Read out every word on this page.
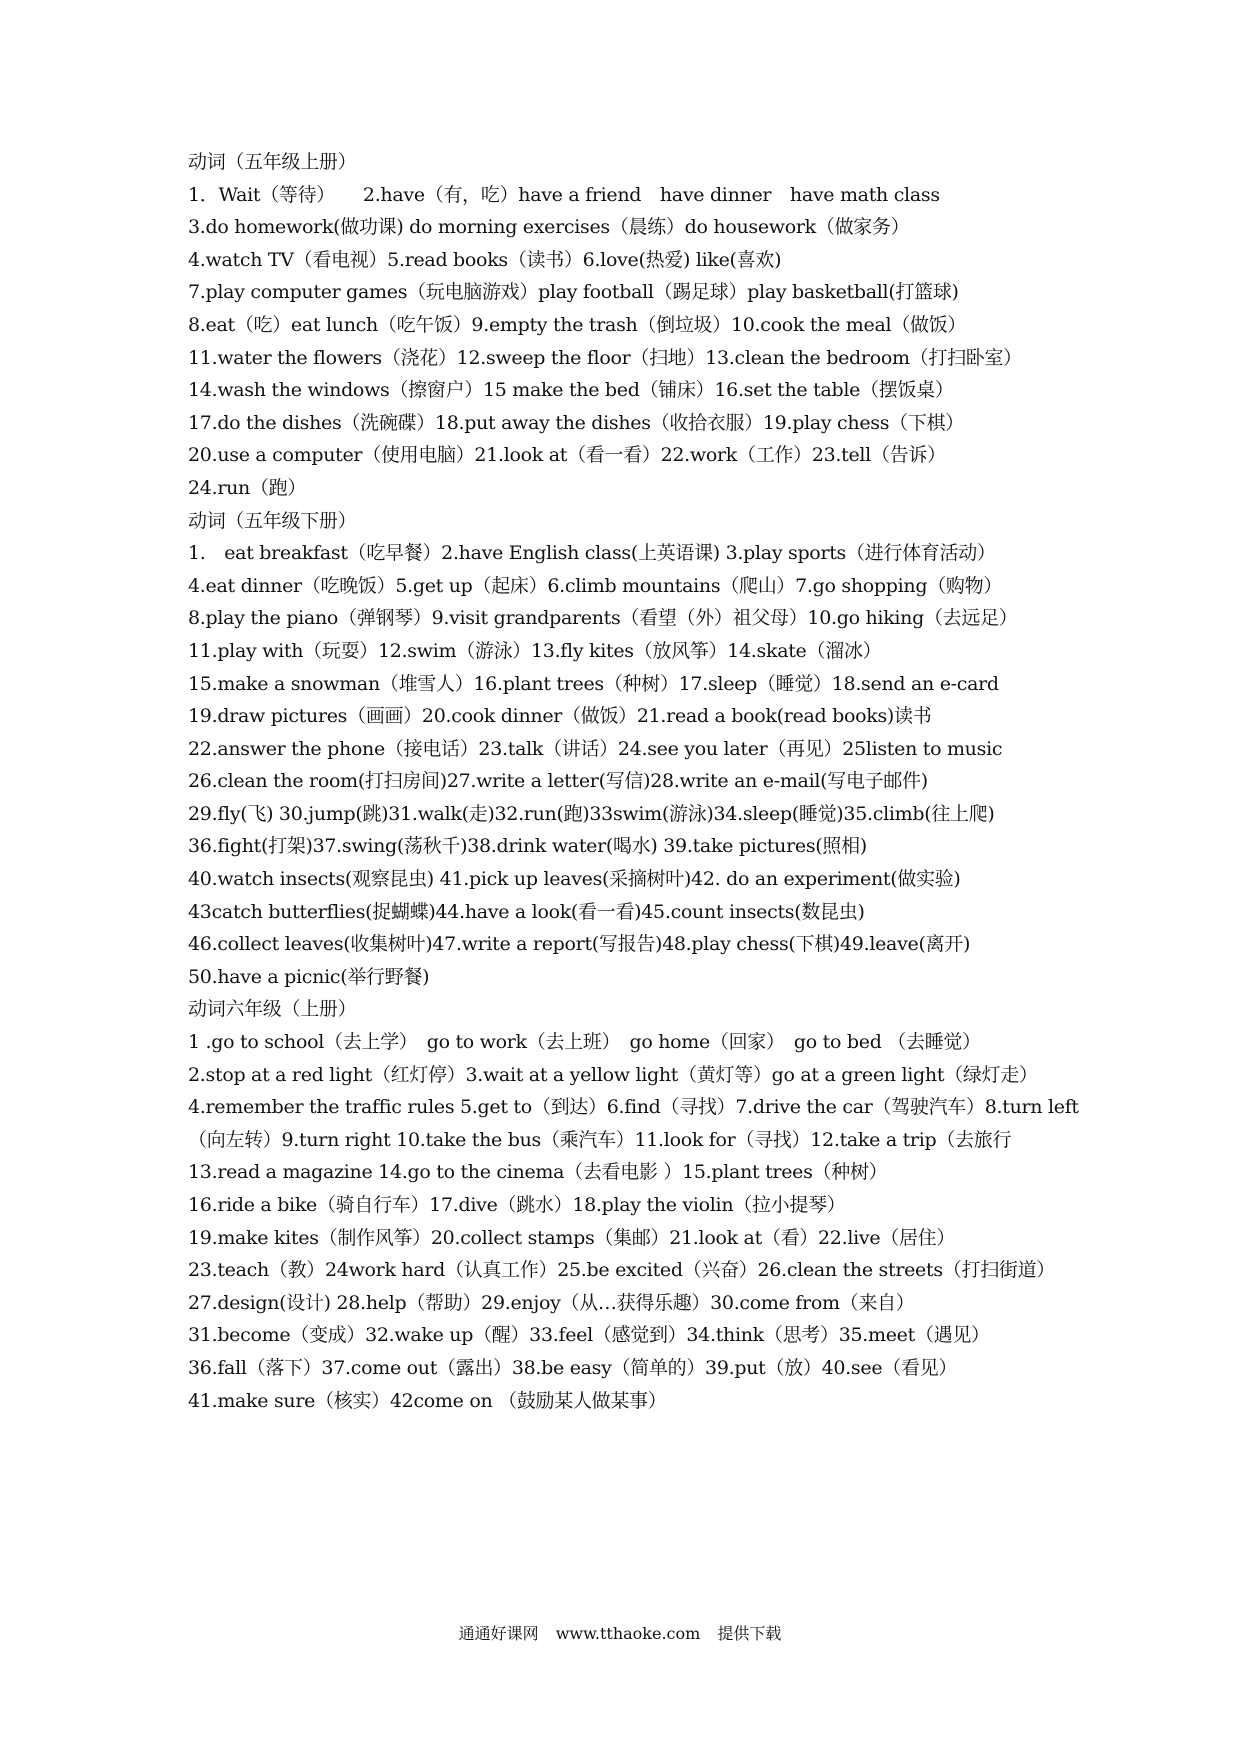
动词（五年级上册）
1．Wait（等待）　　2.have（有，吃）have a friend　have dinner　have math class
3.do homework(做功课) do morning exercises（晨练）do housework（做家务）
4.watch TV（看电视）5.read books（读书）6.love(热爱) like(喜欢)
7.play computer games（玩电脑游戏）play football（踢足球）play basketball(打篮球)
8.eat（吃）eat lunch（吃午饭）9.empty the trash（倒垃圾）10.cook the meal（做饭）
11.water the flowers（浇花）12.sweep the floor（扫地）13.clean the bedroom（打扫卧室）
14.wash the windows（擦窗户）15 make the bed（铺床）16.set the table（摆饭桌）
17.do the dishes（洗碗碟）18.put away the dishes（收拾衣服）19.play chess（下棋）
20.use a computer（使用电脑）21.look at（看一看）22.work（工作）23.tell（告诉）
24.run（跑）
动词（五年级下册）
1.　eat breakfast（吃早餐）2.have English class(上英语课) 3.play sports（进行体育活动）
4.eat dinner（吃晚饭）5.get up（起床）6.climb mountains（爬山）7.go shopping（购物）
8.play the piano（弹钢琴）9.visit grandparents（看望（外）祖父母）10.go hiking（去远足）
11.play with（玩耍）12.swim（游泳）13.fly kites（放风筝）14.skate（溜冰）
15.make a snowman（堆雪人）16.plant trees（种树）17.sleep（睡觉）18.send an e-card
19.draw pictures（画画）20.cook dinner（做饭）21.read a book(read books)读书
22.answer the phone（接电话）23.talk（讲话）24.see you later（再见）25listen to music
26.clean the room(打扫房间)27.write a letter(写信)28.write an e-mail(写电子邮件)
29.fly(飞) 30.jump(跳)31.walk(走)32.run(跑)33swim(游泳)34.sleep(睡觉)35.climb(往上爬)
36.fight(打架)37.swing(荡秋千)38.drink water(喝水) 39.take pictures(照相)
40.watch insects(观察昆虫) 41.pick up leaves(采摘树叶)42. do an experiment(做实验)
43catch butterflies(捉蝴蝶)44.have a look(看一看)45.count insects(数昆虫)
46.collect leaves(收集树叶)47.write a report(写报告)48.play chess(下棋)49.leave(离开)
50.have a picnic(举行野餐)
动词六年级（上册）
1 .go to school（去上学）　go to work（去上班）　go home（回家）　go to bed （去睡觉）
2.stop at a red light（红灯停）3.wait at a yellow light（黄灯等）go at a green light（绿灯走）
4.remember the traffic rules 5.get to（到达）6.find（寻找）7.drive the car（驾驶汽车）8.turn left
（向左转）9.turn right 10.take the bus（乘汽车）11.look for（寻找）12.take a trip（去旅行
13.read a magazine 14.go to the cinema（去看电影 ）15.plant trees（种树）
16.ride a bike（骑自行车）17.dive（跳水）18.play the violin（拉小提琴）
19.make kites（制作风筝）20.collect stamps（集邮）21.look at（看）22.live（居住）
23.teach（教）24work hard（认真工作）25.be excited（兴奋）26.clean the streets（打扫街道）
27.design(设计) 28.help（帮助）29.enjoy（从…获得乐趣）30.come from（来自）
31.become（变成）32.wake up（醒）33.feel（感觉到）34.think（思考）35.meet（遇见）
36.fall（落下）37.come out（露出）38.be easy（简单的）39.put（放）40.see（看见）
41.make sure（核实）42come on （鼓励某人做某事）
通通好课网 www.tthaoke.com 提供下载
